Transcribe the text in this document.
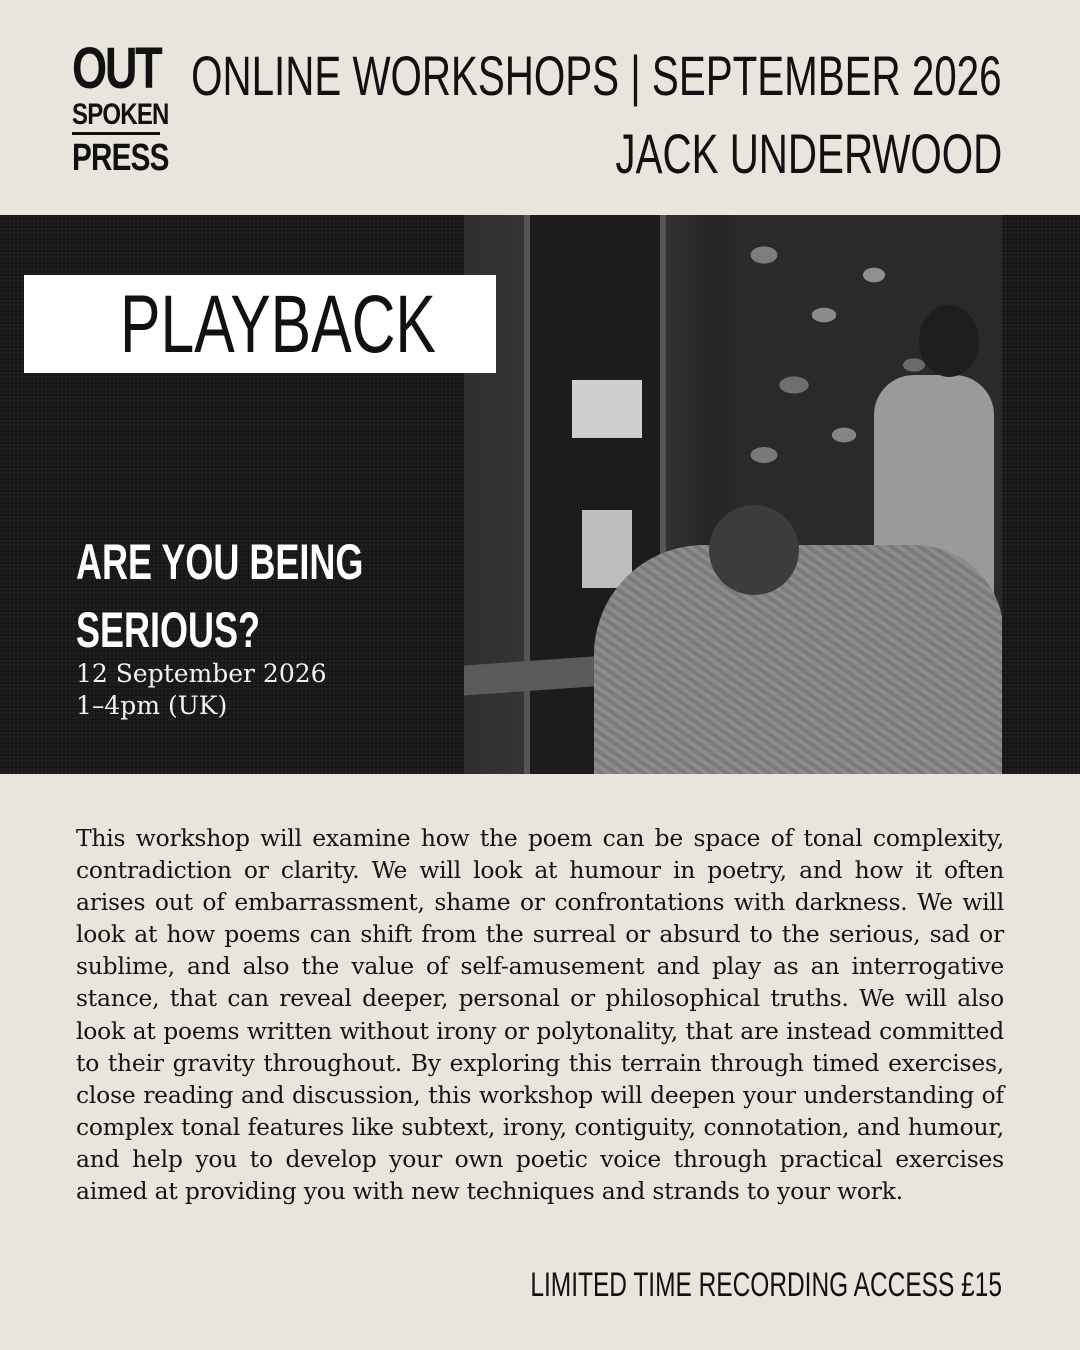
OUT
SPOKEN
PRESS
ONLINE WORKSHOPS | SEPTEMBER 2026
JACK UNDERWOOD
PLAYBACK
ARE YOU BEING
SERIOUS?
12 September 2026
1–4pm (UK)
This workshop will examine how the poem can be space of tonal complexity, contradiction or clarity. We will look at humour in poetry, and how it often arises out of embarrassment, shame or confrontations with darkness. We will look at how poems can shift from the surreal or absurd to the serious, sad or sublime, and also the value of self-amusement and play as an interrogative stance, that can reveal deeper, personal or philosophical truths. We will also look at poems written without irony or polytonality, that are instead committed to their gravity throughout. By exploring this terrain through timed exercises, close reading and discussion, this workshop will deepen your understanding of complex tonal features like subtext, irony, contiguity, connotation, and humour, and help you to develop your own poetic voice through practical exercises aimed at providing you with new techniques and strands to your work.
LIMITED TIME RECORDING ACCESS £15
